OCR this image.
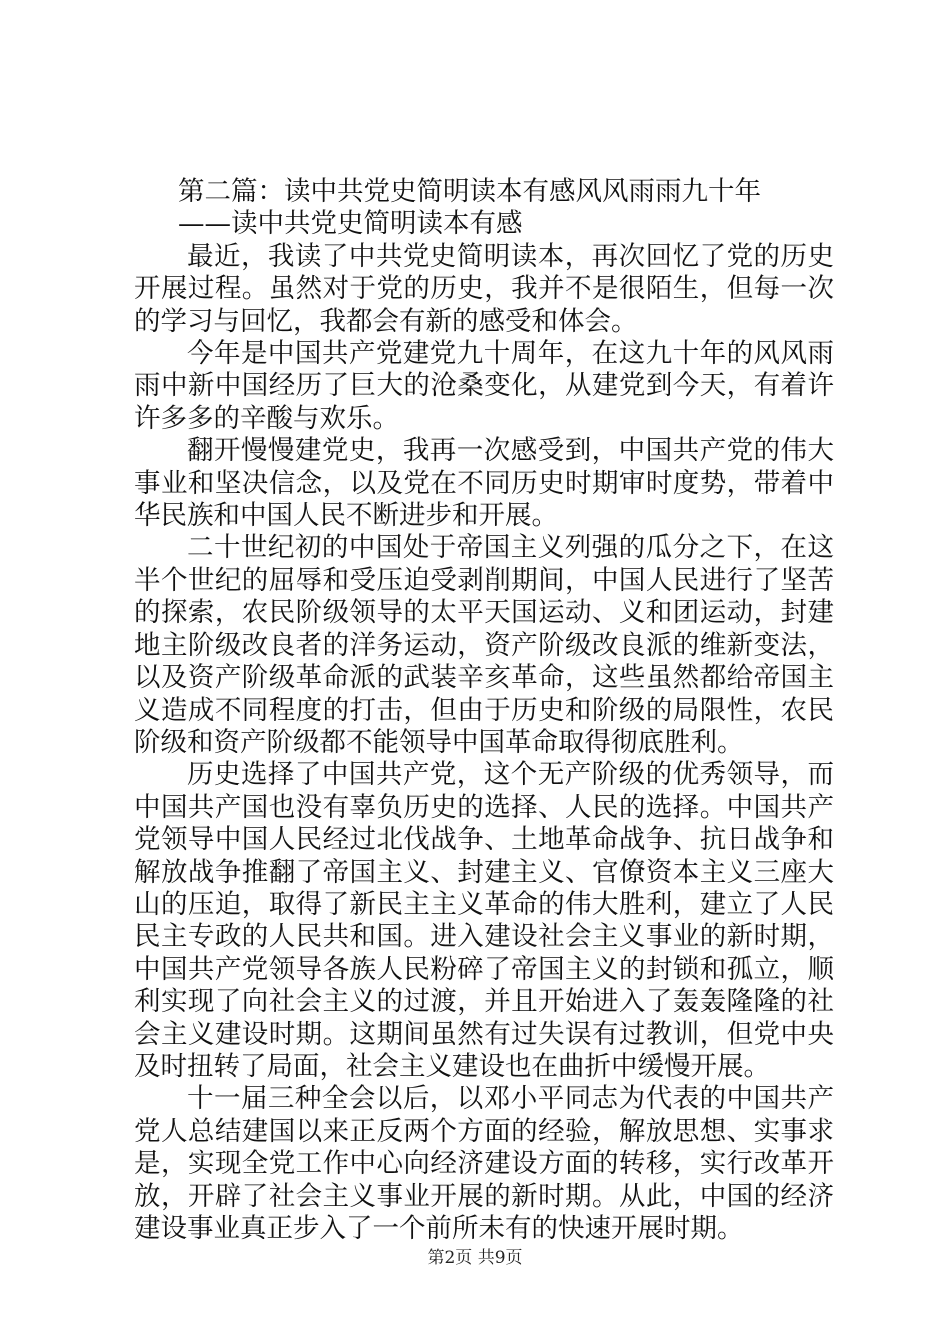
第二篇：读中共党史简明读本有感风风雨雨九十年

——读中共党史简明读本有感

最近，我读了中共党史简明读本，再次回忆了党的历史开展过程。虽然对于党的历史，我并不是很陌生，但每一次的学习与回忆，我都会有新的感受和体会。

今年是中国共产党建党九十周年，在这九十年的风风雨雨中新中国经历了巨大的沧桑变化，从建党到今天，有着许许多多的辛酸与欢乐。

翻开慢慢建党史，我再一次感受到，中国共产党的伟大事业和坚决信念，以及党在不同历史时期审时度势，带着中华民族和中国人民不断进步和开展。

二十世纪初的中国处于帝国主义列强的瓜分之下，在这半个世纪的屈辱和受压迫受剥削期间，中国人民进行了坚苦的探索，农民阶级领导的太平天国运动、义和团运动，封建地主阶级改良者的洋务运动，资产阶级改良派的维新变法，以及资产阶级革命派的武装辛亥革命，这些虽然都给帝国主义造成不同程度的打击，但由于历史和阶级的局限性，农民阶级和资产阶级都不能领导中国革命取得彻底胜利。

历史选择了中国共产党，这个无产阶级的优秀领导，而中国共产国也没有辜负历史的选择、人民的选择。中国共产党领导中国人民经过北伐战争、土地革命战争、抗日战争和解放战争推翻了帝国主义、封建主义、官僚资本主义三座大山的压迫，取得了新民主主义革命的伟大胜利，建立了人民民主专政的人民共和国。进入建设社会主义事业的新时期，中国共产党领导各族人民粉碎了帝国主义的封锁和孤立，顺利实现了向社会主义的过渡，并且开始进入了轰轰隆隆的社会主义建设时期。这期间虽然有过失误有过教训，但党中央及时扭转了局面，社会主义建设也在曲折中缓慢开展。

十一届三种全会以后，以邓小平同志为代表的中国共产党人总结建国以来正反两个方面的经验，解放思想、实事求是，实现全党工作中心向经济建设方面的转移，实行改革开放，开辟了社会主义事业开展的新时期。从此，中国的经济建设事业真正步入了一个前所未有的快速开展时期。

第2页 共9页
